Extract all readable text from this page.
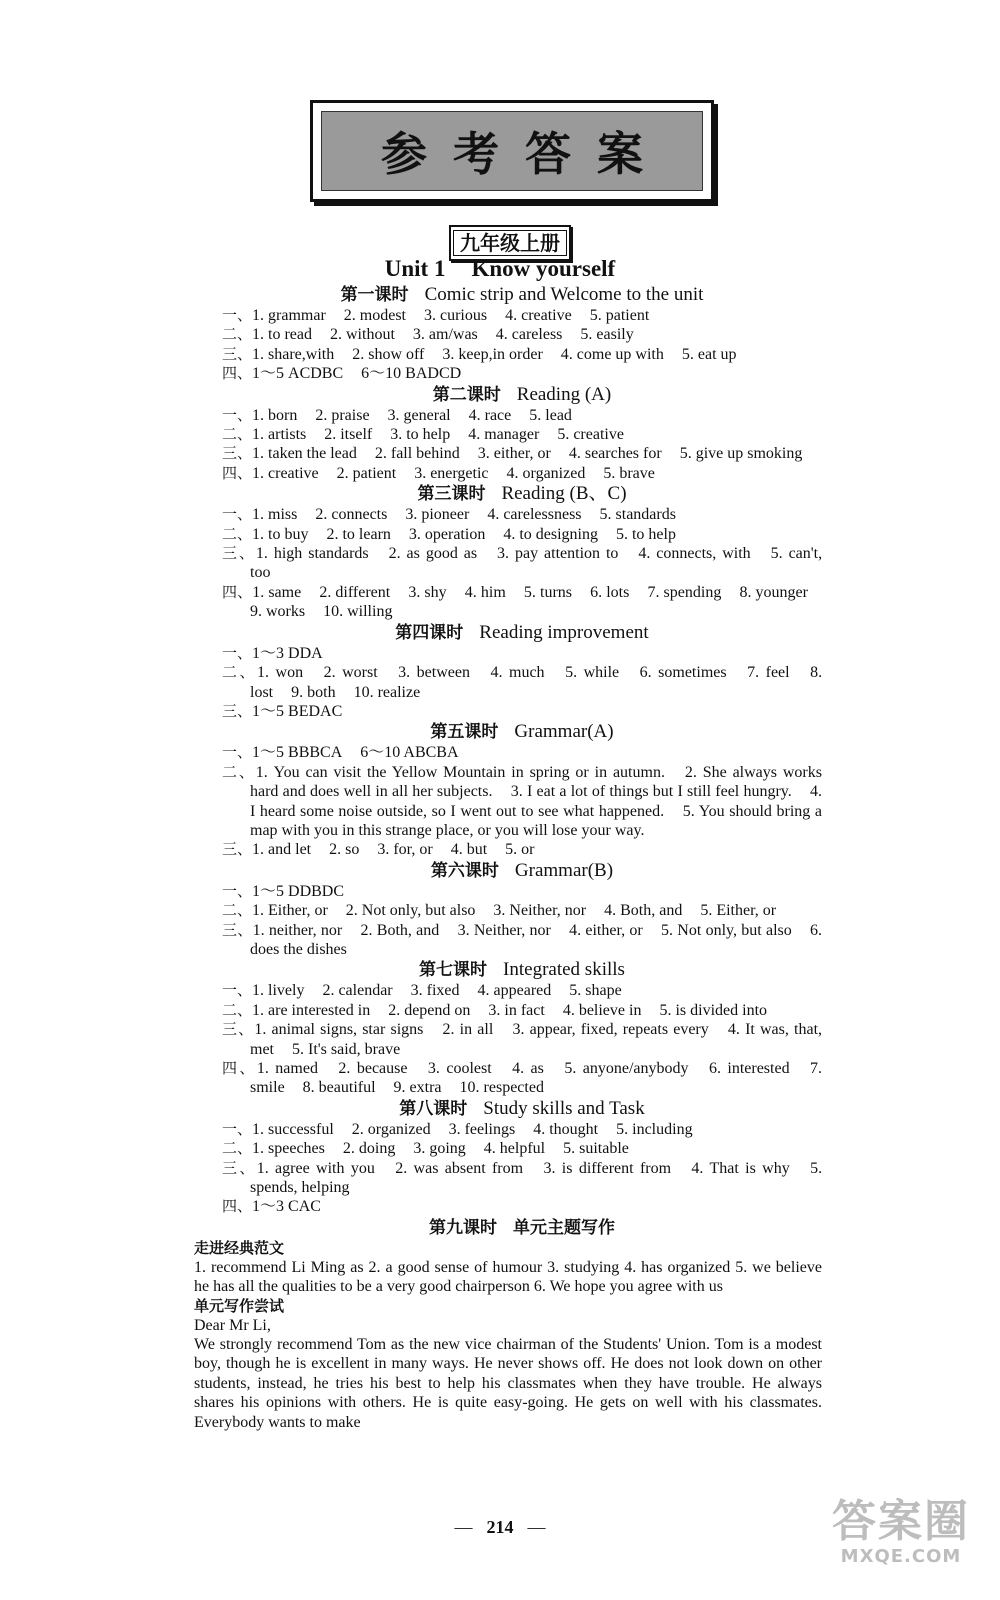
参考答案
九年级上册
Unit 1 Know yourself
第一课时 Comic strip and Welcome to the unit
一、1. grammar 2. modest 3. curious 4. creative 5. patient
二、1. to read 2. without 3. am/was 4. careless 5. easily
三、1. share,with 2. show off 3. keep,in order 4. come up with 5. eat up
四、1～5 ACDBC 6～10 BADCD
第二课时 Reading (A)
一、1. born 2. praise 3. general 4. race 5. lead
二、1. artists 2. itself 3. to help 4. manager 5. creative
三、1. taken the lead 2. fall behind 3. either, or 4. searches for 5. give up smoking
四、1. creative 2. patient 3. energetic 4. organized 5. brave
第三课时 Reading (B、C)
一、1. miss 2. connects 3. pioneer 4. carelessness 5. standards
二、1. to buy 2. to learn 3. operation 4. to designing 5. to help
三、1. high standards 2. as good as 3. pay attention to 4. connects, with 5. can't, too
四、1. same 2. different 3. shy 4. him 5. turns 6. lots 7. spending 8. younger 9. works 10. willing
第四课时 Reading improvement
一、1～3 DDA
二、1. won 2. worst 3. between 4. much 5. while 6. sometimes 7. feel 8. lost 9. both 10. realize
三、1～5 BEDAC
第五课时 Grammar(A)
一、1～5 BBBCA 6～10 ABCBA
二、1. You can visit the Yellow Mountain in spring or in autumn. 2. She always works hard and does well in all her subjects. 3. I eat a lot of things but I still feel hungry. 4. I heard some noise outside, so I went out to see what happened. 5. You should bring a map with you in this strange place, or you will lose your way.
三、1. and let 2. so 3. for, or 4. but 5. or
第六课时 Grammar(B)
一、1～5 DDBDC
二、1. Either, or 2. Not only, but also 3. Neither, nor 4. Both, and 5. Either, or
三、1. neither, nor 2. Both, and 3. Neither, nor 4. either, or 5. Not only, but also 6. does the dishes
第七课时 Integrated skills
一、1. lively 2. calendar 3. fixed 4. appeared 5. shape
二、1. are interested in 2. depend on 3. in fact 4. believe in 5. is divided into
三、1. animal signs, star signs 2. in all 3. appear, fixed, repeats every 4. It was, that, met 5. It's said, brave
四、1. named 2. because 3. coolest 4. as 5. anyone/anybody 6. interested 7. smile 8. beautiful 9. extra 10. respected
第八课时 Study skills and Task
一、1. successful 2. organized 3. feelings 4. thought 5. including
二、1. speeches 2. doing 3. going 4. helpful 5. suitable
三、1. agree with you 2. was absent from 3. is different from 4. That is why 5. spends, helping
四、1～3 CAC
第九课时 单元主题写作
走进经典范文
1. recommend Li Ming as 2. a good sense of humour 3. studying 4. has organized 5. we believe he has all the qualities to be a very good chairperson 6. We hope you agree with us
单元写作尝试
Dear Mr Li,
We strongly recommend Tom as the new vice chairman of the Students' Union. Tom is a modest boy, though he is excellent in many ways. He never shows off. He does not look down on other students, instead, he tries his best to help his classmates when they have trouble. He always shares his opinions with others. He is quite easy-going. He gets on well with his classmates. Everybody wants to make
— 214 —	答案圈
MXQE.COM
